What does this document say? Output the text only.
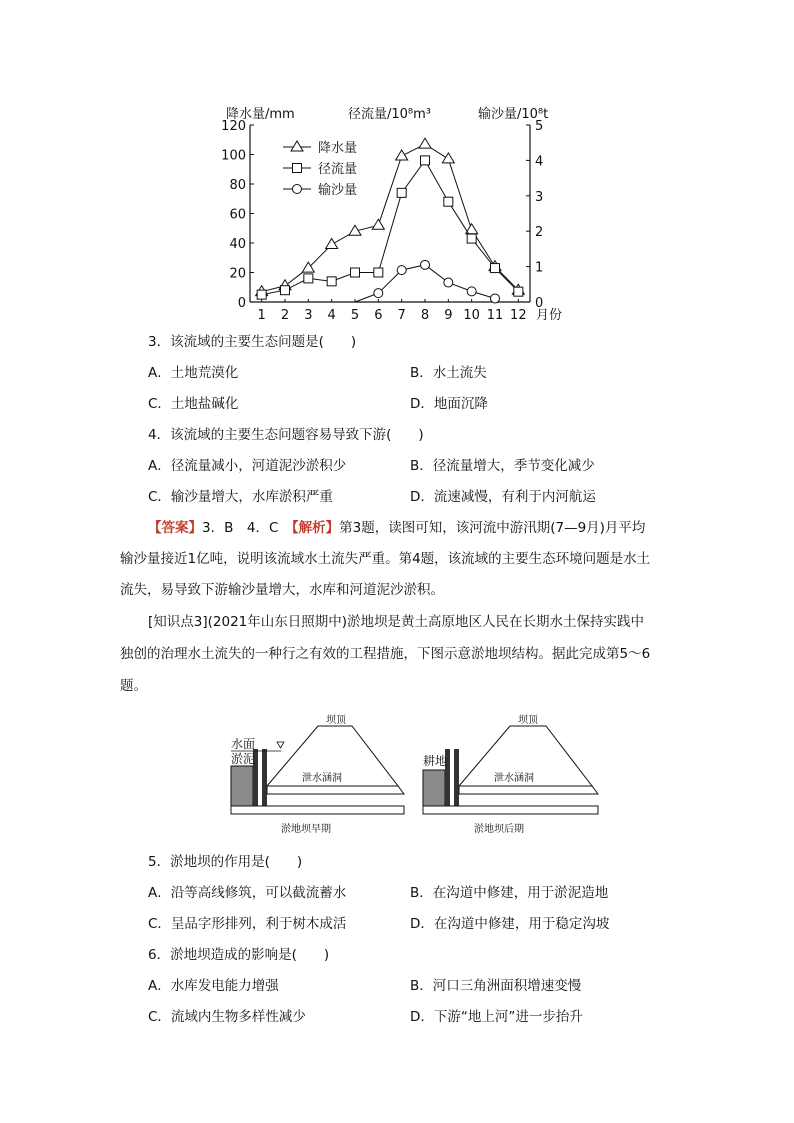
降水量/mm	径流量/10⁸m³	输沙量/10⁸t
0
20
40
60
80
100
120
0
1
2
3
4
5
1 2 3 4 5 6 7 8 9 10 11 12 月份
降水量
径流量
输沙量
3．该流域的主要生态问题是(　　)
A．土地荒漠化	B．水土流失
C．土地盐碱化	D．地面沉降
4．该流域的主要生态问题容易导致下游(　　)
A．径流量减小，河道泥沙淤积少	B．径流量增大，季节变化减少
C．输沙量增大，水库淤积严重	D．流速减慢，有利于内河航运
【答案】3．B　4．C　【解析】第3题，读图可知，该河流中游汛期(7—9月)月平均
输沙量接近1亿吨，说明该流域水土流失严重。第4题，该流域的主要生态环境问题是水土
流失，易导致下游输沙量增大，水库和河道泥沙淤积。
[知识点3](2021年山东日照期中)淤地坝是黄土高原地区人民在长期水土保持实践中
独创的治理水土流失的一种行之有效的工程措施，下图示意淤地坝结构。据此完成第5～6
题。
坝顶
水面
淤泥
泄水涵洞
淤地坝早期
坝顶
耕地
泄水涵洞
淤地坝后期
5．淤地坝的作用是(　　)
A．沿等高线修筑，可以截流蓄水	B．在沟道中修建，用于淤泥造地
C．呈品字形排列，利于树木成活	D．在沟道中修建，用于稳定沟坡
6．淤地坝造成的影响是(　　)
A．水库发电能力增强	B．河口三角洲面积增速变慢
C．流域内生物多样性减少	D．下游“地上河”进一步抬升
